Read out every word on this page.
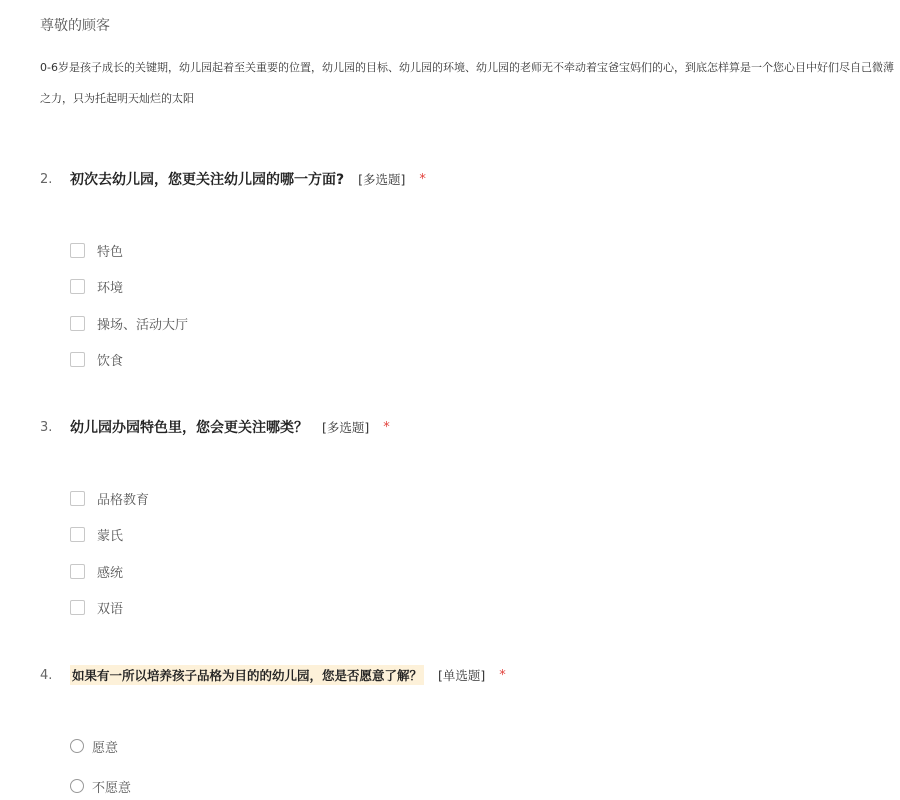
尊敬的顾客
0-6岁是孩子成长的关键期，幼儿园起着至关重要的位置，幼儿园的目标、幼儿园的环境、幼儿园的老师无不牵动着宝爸宝妈们的心，到底怎样算是一个您心目中好们尽自己微薄之力，只为托起明天灿烂的太阳
2.	初次去幼儿园，您更关注幼儿园的哪一方面? [多选题] *
特色
环境
操场、活动大厅
饮食
3.	幼儿园办园特色里，您会更关注哪类？ [多选题] *
品格教育
蒙氏
感统
双语
4.	如果有一所以培养孩子品格为目的的幼儿园，您是否愿意了解？ [单选题] *
愿意
不愿意
